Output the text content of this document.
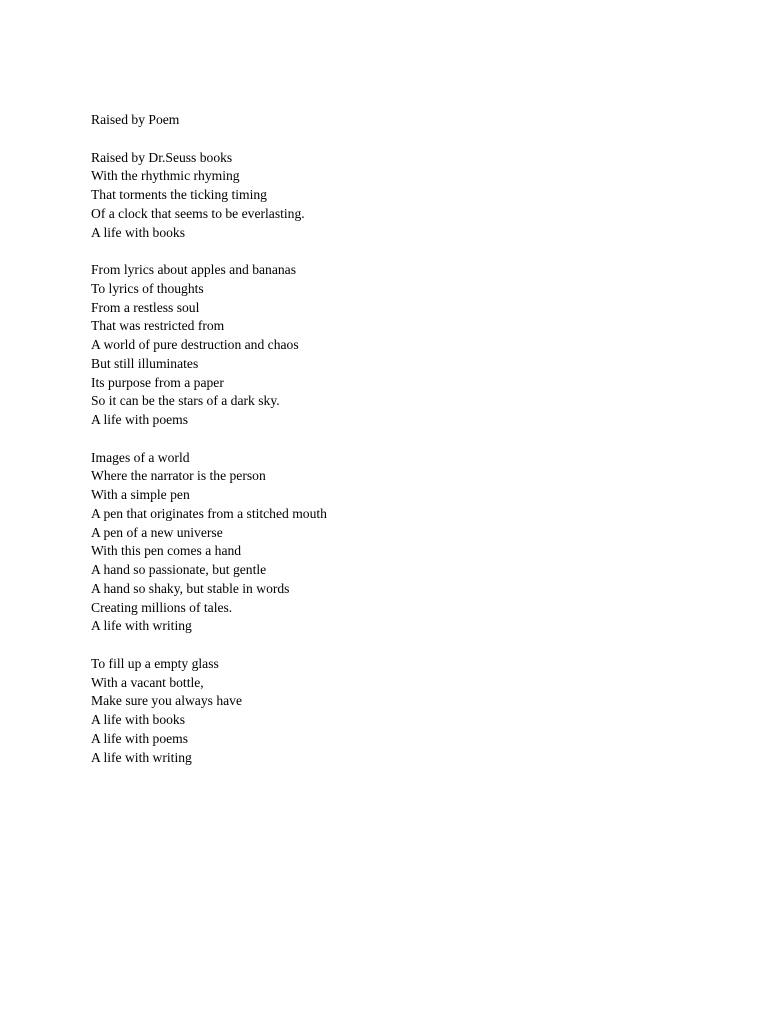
Raised by Poem
Raised by Dr.Seuss books
With the rhythmic rhyming
That torments the ticking timing
Of a clock that seems to be everlasting.
A life with books
From lyrics about apples and bananas
To lyrics of thoughts
From a restless soul
That was restricted from
A world of pure destruction and chaos
But still illuminates
Its purpose from a paper
So it can be the stars of a dark sky.
A life with poems
Images of a world
Where the narrator is the person
With a simple pen
A pen that originates from a stitched mouth
A pen of a new universe
With this pen comes a hand
A hand so passionate, but gentle
A hand so shaky, but stable in words
Creating millions of tales.
A life with writing
To fill up a empty glass
With a vacant bottle,
Make sure you always have
A life with books
A life with poems
A life with writing
